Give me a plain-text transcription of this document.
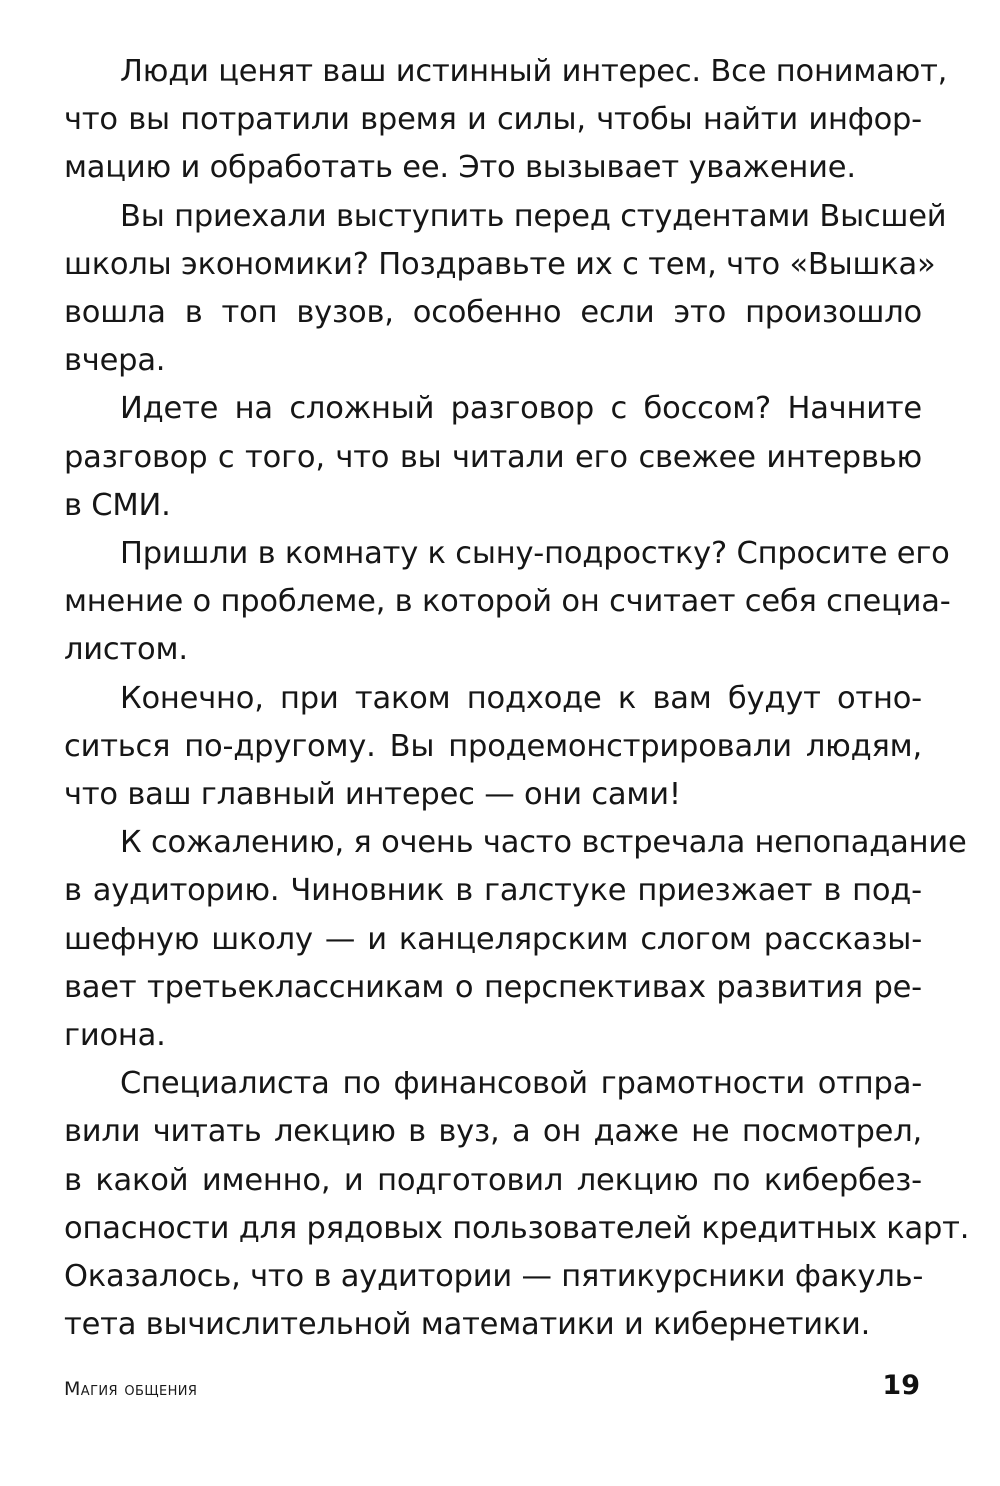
Люди ценят ваш истинный интерес. Все понимают,
что вы потратили время и силы, чтобы найти инфор-
мацию и обработать ее. Это вызывает уважение.
Вы приехали выступить перед студентами Высшей
школы экономики? Поздравьте их с тем, что «Вышка»
вошла в топ вузов, особенно если это произошло
вчера.
Идете на сложный разговор с боссом? Начните
разговор с того, что вы читали его свежее интервью
в СМИ.
Пришли в комнату к сыну-подростку? Спросите его
мнение о проблеме, в которой он считает себя специа-
листом.
Конечно, при таком подходе к вам будут отно-
ситься по-другому. Вы продемонстрировали людям,
что ваш главный интерес — они сами!
К сожалению, я очень часто встречала непопадание
в аудиторию. Чиновник в галстуке приезжает в под-
шефную школу — и канцелярским слогом рассказы-
вает третьеклассникам о перспективах развития ре-
гиона.
Специалиста по финансовой грамотности отпра-
вили читать лекцию в вуз, а он даже не посмотрел,
в какой именно, и подготовил лекцию по кибербез-
опасности для рядовых пользователей кредитных карт.
Оказалось, что в аудитории — пятикурсники факуль-
тета вычислительной математики и кибернетики.
Магия общения	19
